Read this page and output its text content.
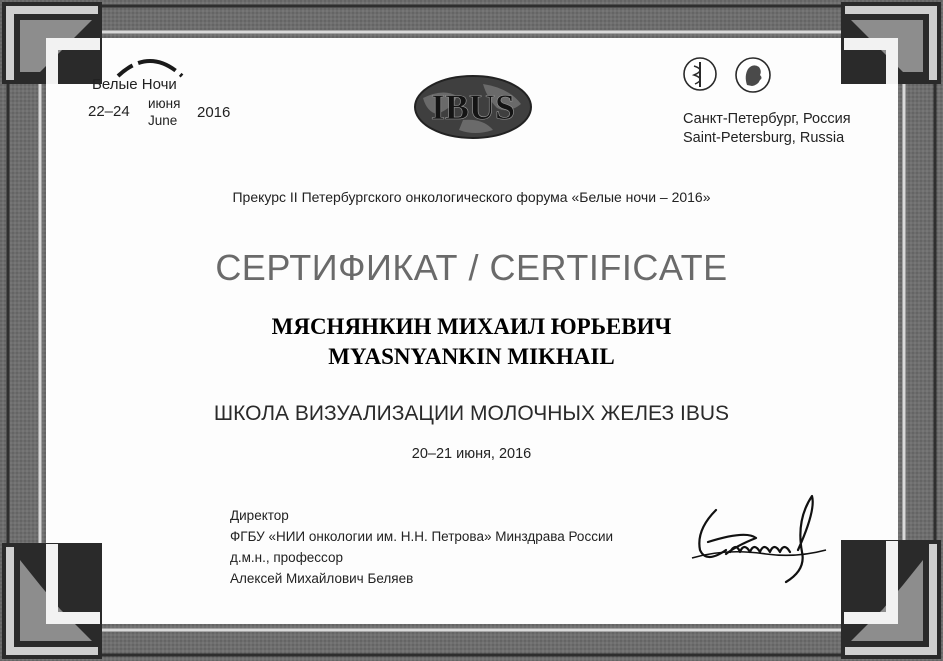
Белые Ночи
22–24 июня
June 2016	IBUS	Санкт-Петербург, Россия
Saint-Petersburg, Russia
Прекурс II Петербургского онкологического форума «Белые ночи – 2016»
СЕРТИФИКАТ / CERTIFICATE
МЯСНЯНКИН МИХАИЛ ЮРЬЕВИЧ
MYASNYANKIN MIKHAIL
ШКОЛА ВИЗУАЛИЗАЦИИ МОЛОЧНЫХ ЖЕЛЕЗ IBUS
20–21 июня, 2016
Директор
ФГБУ «НИИ онкологии им. Н.Н. Петрова» Минздрава России
д.м.н., профессор
Алексей Михайлович Беляев
